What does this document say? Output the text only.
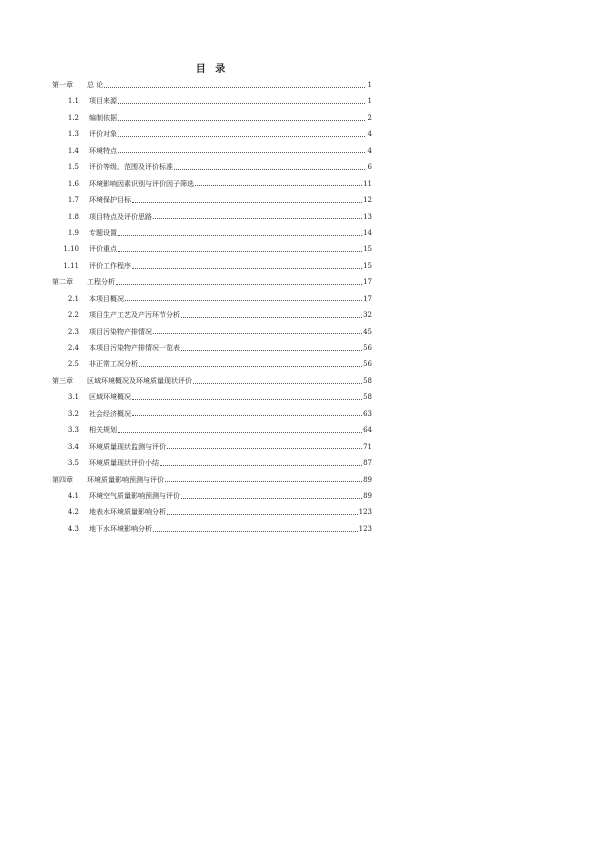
目 录
第一章	总 论	1
1.1 项目来源	1
1.2 编制依据	2
1.3 评价对象	4
1.4 环境特点	4
1.5 评价等级、范围及评价标准	6
1.6 环境影响因素识别与评价因子筛选	11
1.7 环境保护目标	12
1.8 项目特点及评价思路	13
1.9 专题设置	14
1.10 评价重点	15
1.11 评价工作程序	15
第二章	工程分析	17
2.1 本项目概况	17
2.2 项目生产工艺及产污环节分析	32
2.3 项目污染物产排情况	45
2.4 本项目污染物产排情况一览表	56
2.5 非正常工况分析	56
第三章	区域环境概况及环境质量现状评价	58
3.1 区域环境概况	58
3.2 社会经济概况	63
3.3 相关规划	64
3.4 环境质量现状监测与评价	71
3.5 环境质量现状评价小结	87
第四章	环境质量影响预测与评价	89
4.1 环境空气质量影响预测与评价	89
4.2 地表水环境质量影响分析	123
4.3 地下水环境影响分析	123
